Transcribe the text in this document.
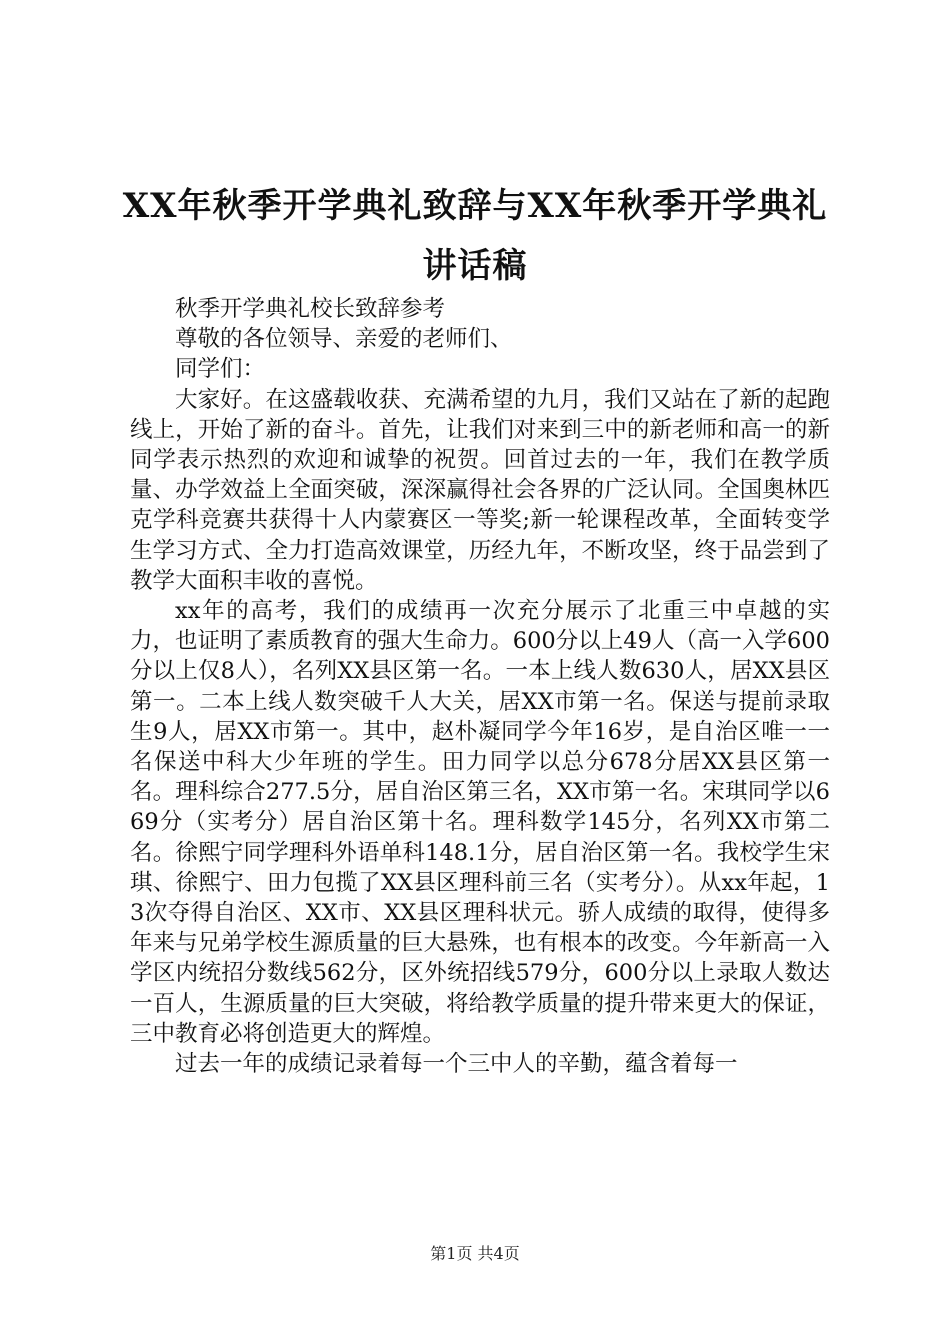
XX年秋季开学典礼致辞与XX年秋季开学典礼
讲话稿

秋季开学典礼校长致辞参考

尊敬的各位领导、亲爱的老师们、

同学们：

大家好。在这盛载收获、充满希望的九月，我们又站在了新的起跑线上，开始了新的奋斗。首先，让我们对来到三中的新老师和高一的新同学表示热烈的欢迎和诚挚的祝贺。回首过去的一年，我们在教学质量、办学效益上全面突破，深深赢得社会各界的广泛认同。全国奥林匹克学科竞赛共获得十人内蒙赛区一等奖;新一轮课程改革，全面转变学生学习方式、全力打造高效课堂，历经九年，不断攻坚，终于品尝到了教学大面积丰收的喜悦。

xx年的高考，我们的成绩再一次充分展示了北重三中卓越的实力，也证明了素质教育的强大生命力。600分以上49人（高一入学600分以上仅8人），名列XX县区第一名。一本上线人数630人，居XX县区第一。二本上线人数突破千人大关，居XX市第一名。保送与提前录取生9人，居XX市第一。其中，赵朴凝同学今年16岁，是自治区唯一一名保送中科大少年班的学生。田力同学以总分678分居XX县区第一名。理科综合277.5分，居自治区第三名，XX市第一名。宋琪同学以669分（实考分）居自治区第十名。理科数学145分，名列XX市第二名。徐熙宁同学理科外语单科148.1分，居自治区第一名。我校学生宋琪、徐熙宁、田力包揽了XX县区理科前三名（实考分）。从xx年起，13次夺得自治区、XX市、XX县区理科状元。骄人成绩的取得，使得多年来与兄弟学校生源质量的巨大悬殊，也有根本的改变。今年新高一入学区内统招分数线562分，区外统招线579分，600分以上录取人数达一百人，生源质量的巨大突破，将给教学质量的提升带来更大的保证，三中教育必将创造更大的辉煌。

过去一年的成绩记录着每一个三中人的辛勤，蕴含着每一

第1页 共4页
